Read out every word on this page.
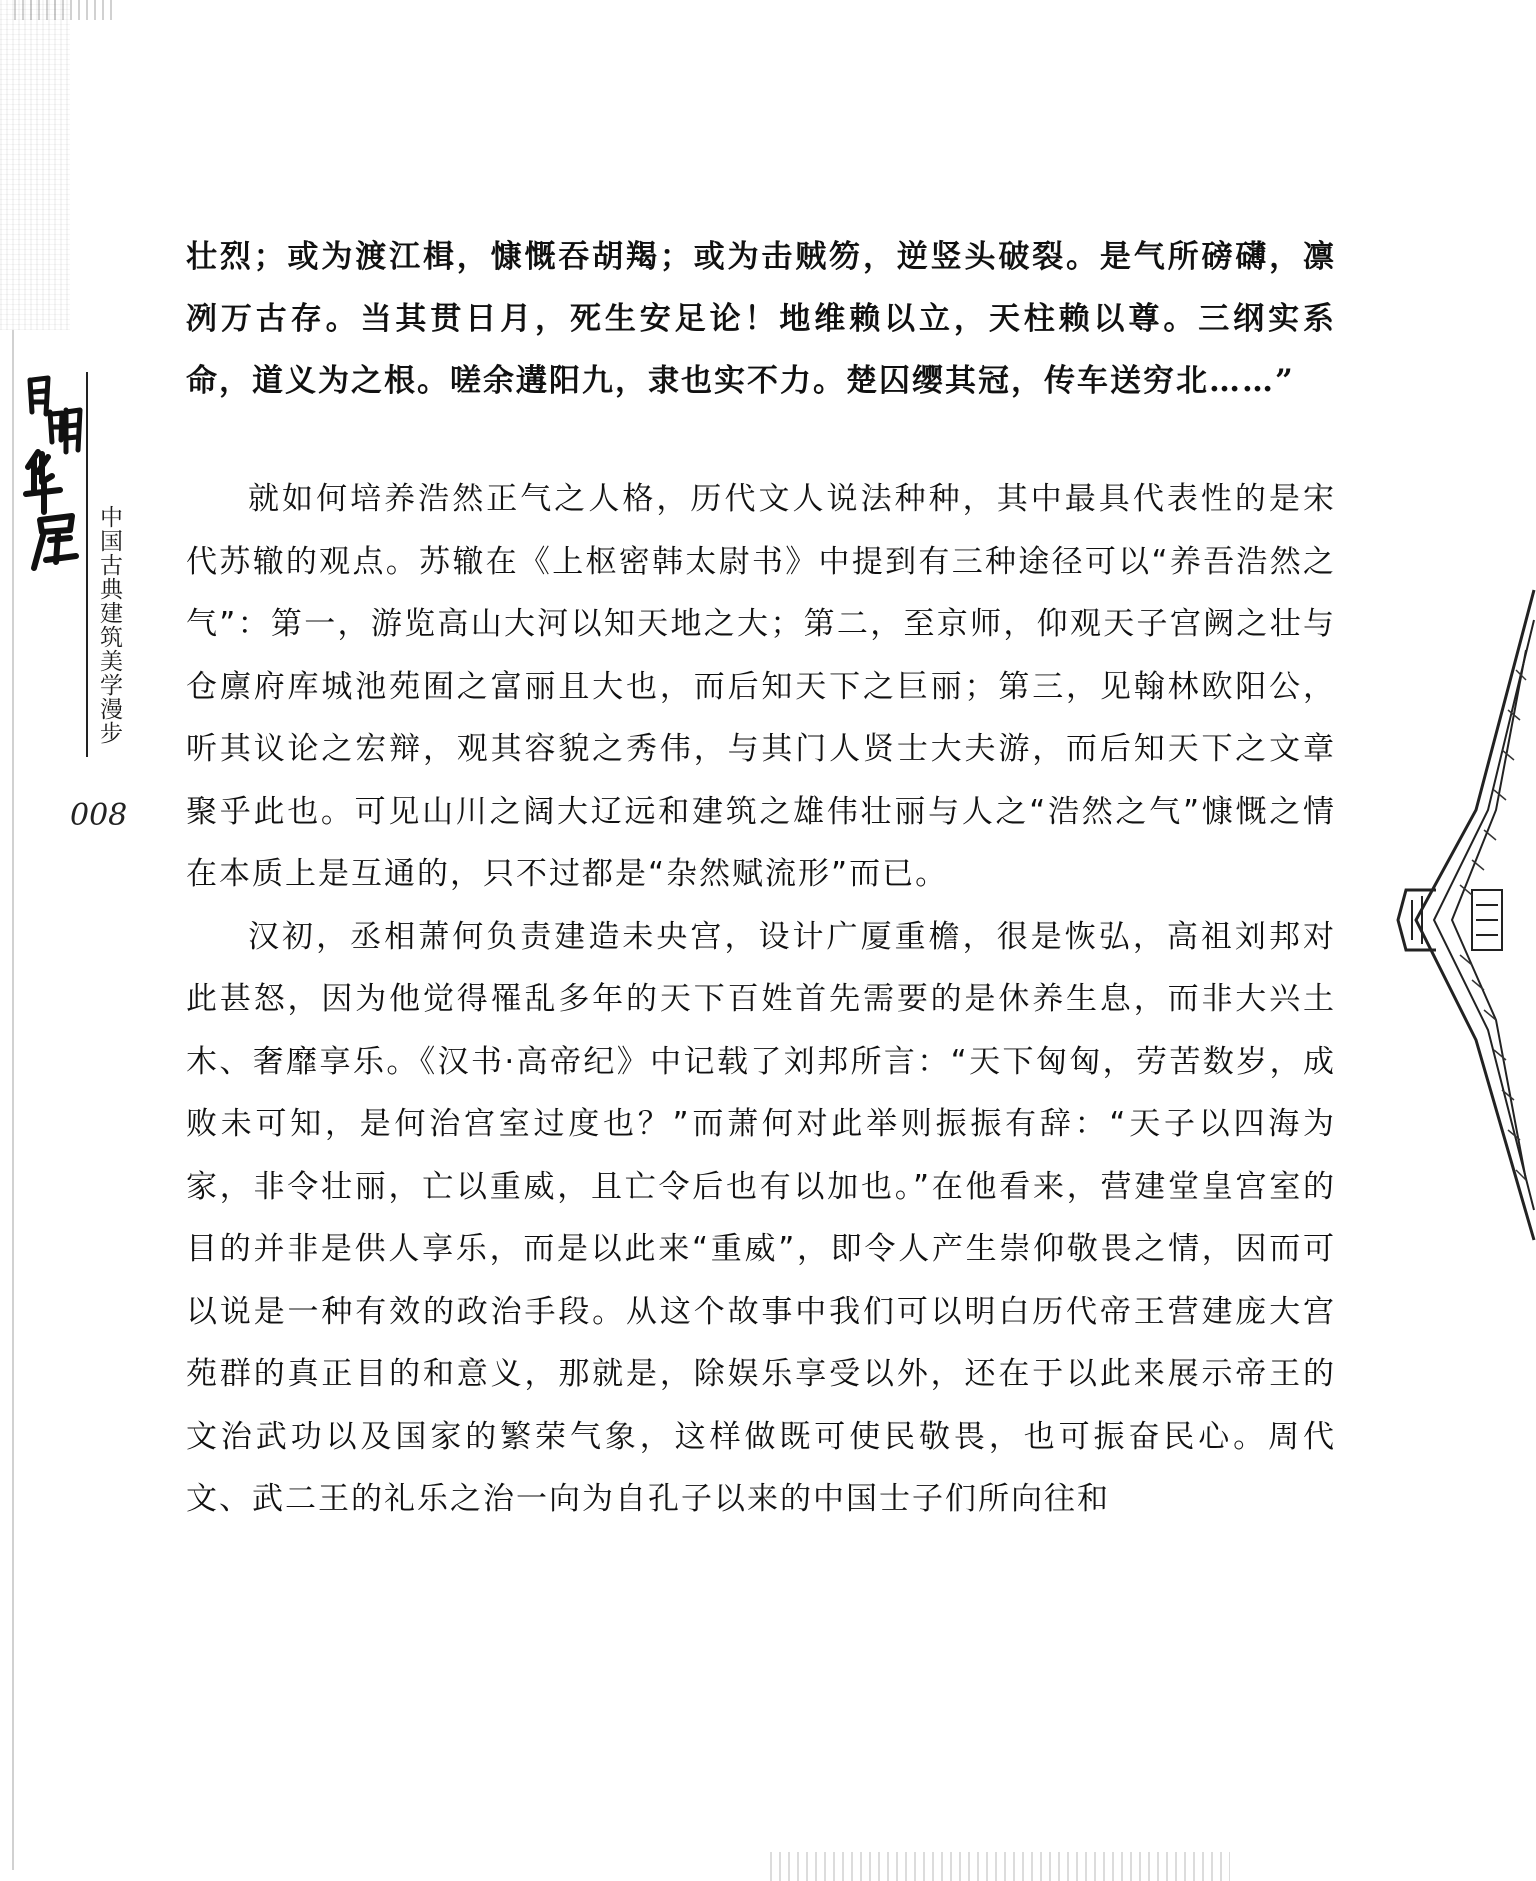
中国古典建筑美学漫步
008
壮烈；或为渡江楫，慷慨吞胡羯；或为击贼笏，逆竖头破裂。是气所磅礴，凛冽万古存。当其贯日月，死生安足论！地维赖以立，天柱赖以尊。三纲实系命，道义为之根。嗟余遘阳九，隶也实不力。楚囚缨其冠，传车送穷北……”

就如何培养浩然正气之人格，历代文人说法种种，其中最具代表性的是宋代苏辙的观点。苏辙在《上枢密韩太尉书》中提到有三种途径可以“养吾浩然之气”：第一，游览高山大河以知天地之大；第二，至京师，仰观天子宫阙之壮与仓廪府库城池苑囿之富丽且大也，而后知天下之巨丽；第三，见翰林欧阳公，听其议论之宏辩，观其容貌之秀伟，与其门人贤士大夫游，而后知天下之文章聚乎此也。可见山川之阔大辽远和建筑之雄伟壮丽与人之“浩然之气”慷慨之情在本质上是互通的，只不过都是“杂然赋流形”而已。

汉初，丞相萧何负责建造未央宫，设计广厦重檐，很是恢弘，高祖刘邦对此甚怒，因为他觉得罹乱多年的天下百姓首先需要的是休养生息，而非大兴土木、奢靡享乐。《汉书·高帝纪》中记载了刘邦所言：“天下匈匈，劳苦数岁，成败未可知，是何治宫室过度也？”而萧何对此举则振振有辞：“天子以四海为家，非令壮丽，亡以重威，且亡令后也有以加也。”在他看来，营建堂皇宫室的目的并非是供人享乐，而是以此来“重威”，即令人产生崇仰敬畏之情，因而可以说是一种有效的政治手段。从这个故事中我们可以明白历代帝王营建庞大宫苑群的真正目的和意义，那就是，除娱乐享受以外，还在于以此来展示帝王的文治武功以及国家的繁荣气象，这样做既可使民敬畏，也可振奋民心。周代文、武二王的礼乐之治一向为自孔子以来的中国士子们所向往和
